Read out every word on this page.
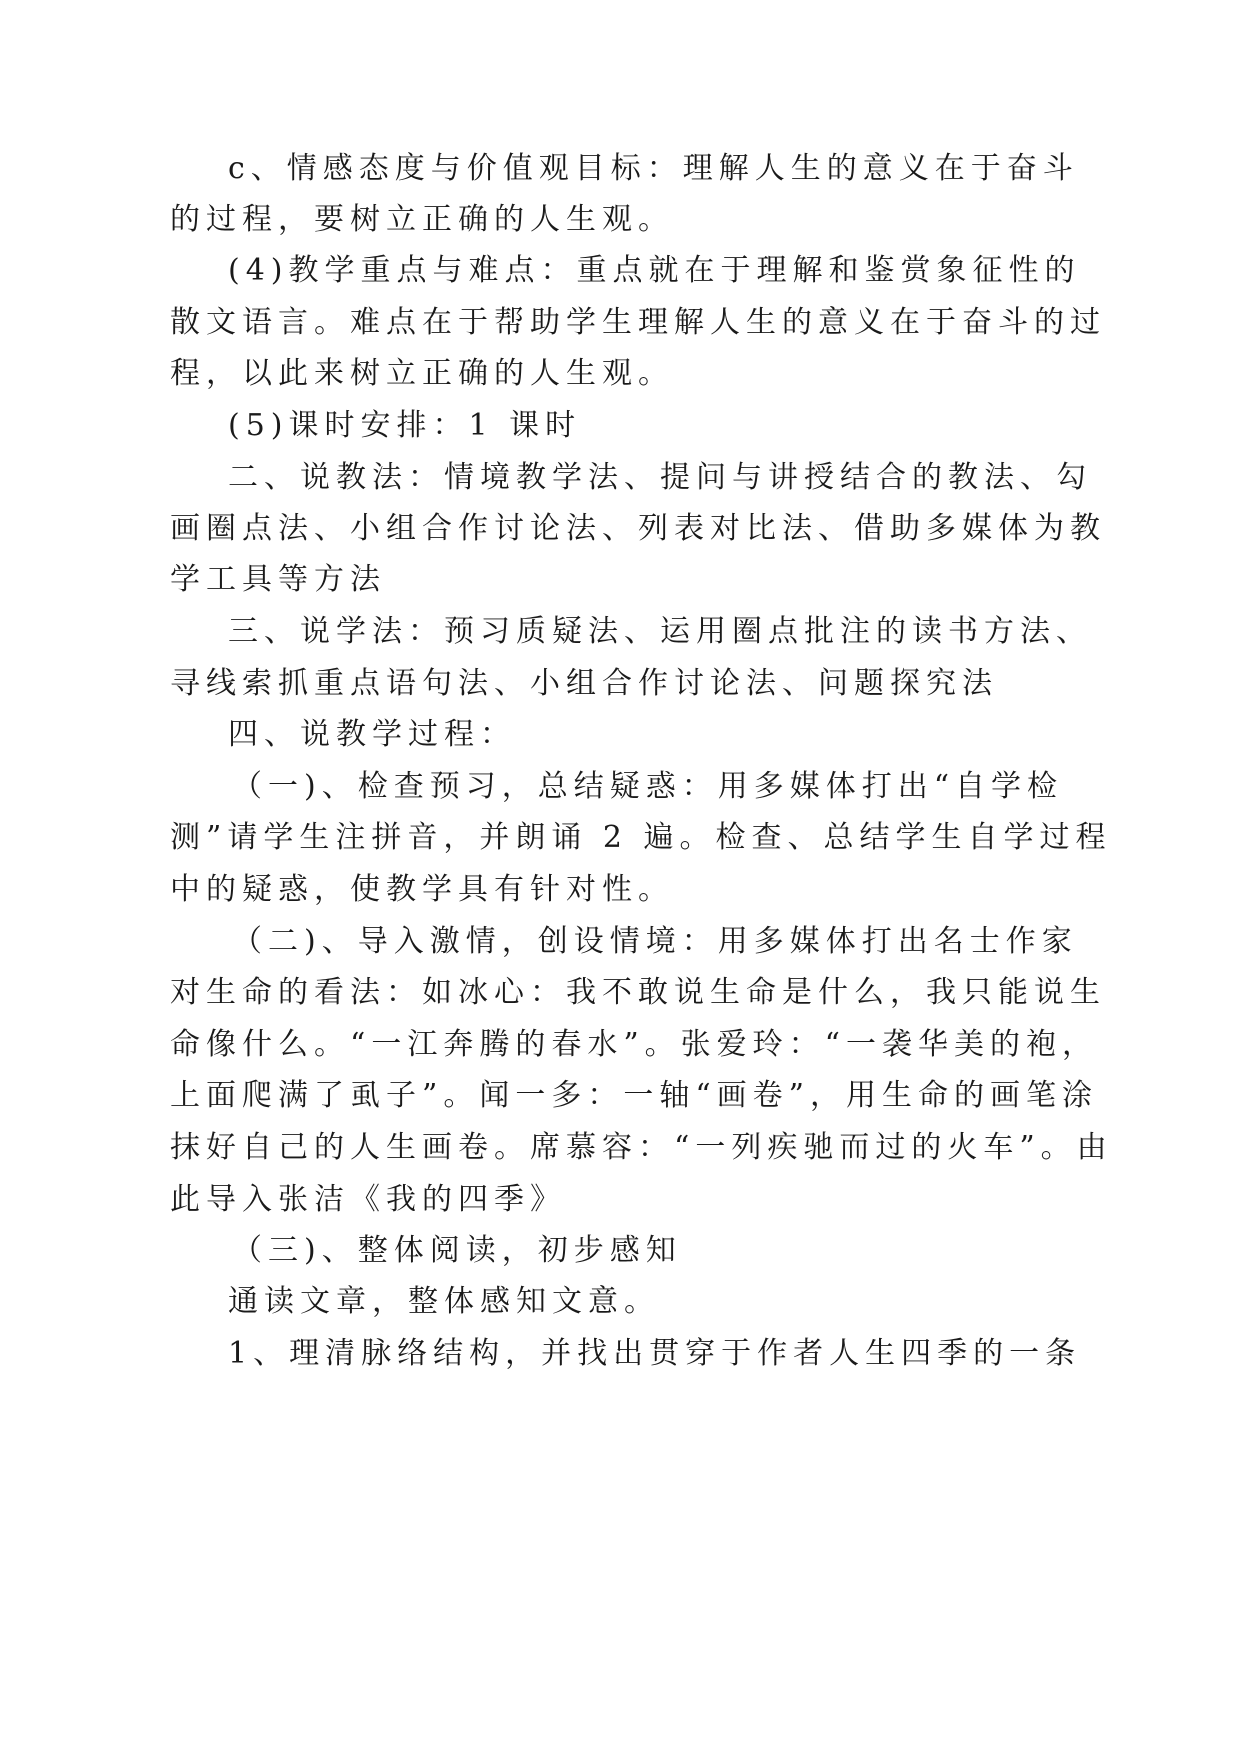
c、情感态度与价值观目标：理解人生的意义在于奋斗
的过程，要树立正确的人生观。
(4)教学重点与难点：重点就在于理解和鉴赏象征性的
散文语言。难点在于帮助学生理解人生的意义在于奋斗的过
程，以此来树立正确的人生观。
(5)课时安排：1 课时
二、说教法：情境教学法、提问与讲授结合的教法、勾
画圈点法、小组合作讨论法、列表对比法、借助多媒体为教
学工具等方法
三、说学法：预习质疑法、运用圈点批注的读书方法、
寻线索抓重点语句法、小组合作讨论法、问题探究法
四、说教学过程：
（一)、检查预习，总结疑惑：用多媒体打出“自学检
测”请学生注拼音，并朗诵 2 遍。检查、总结学生自学过程
中的疑惑，使教学具有针对性。
（二)、导入激情，创设情境：用多媒体打出名士作家
对生命的看法：如冰心：我不敢说生命是什么，我只能说生
命像什么。“一江奔腾的春水”。张爱玲：“一袭华美的袍，
上面爬满了虱子”。闻一多：一轴“画卷”，用生命的画笔涂
抹好自己的人生画卷。席慕容：“一列疾驰而过的火车”。由
此导入张洁《我的四季》
（三)、整体阅读，初步感知
通读文章，整体感知文意。
1、理清脉络结构，并找出贯穿于作者人生四季的一条
